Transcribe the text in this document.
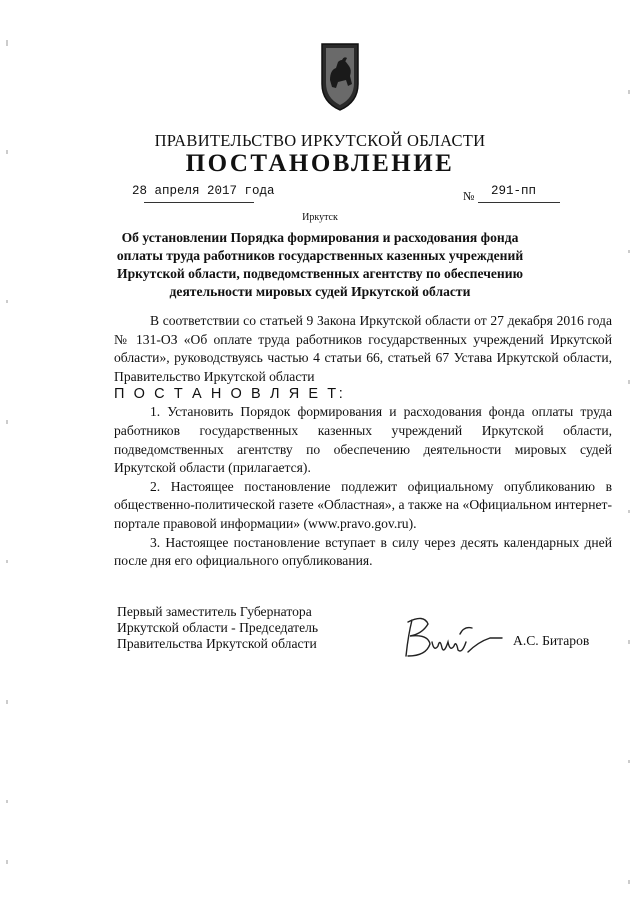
ПРАВИТЕЛЬСТВО ИРКУТСКОЙ ОБЛАСТИ
ПОСТАНОВЛЕНИЕ
28 апреля 2017 года	№ 291-пп
Иркутск
Об установлении Порядка формирования и расходования фонда оплаты труда работников государственных казенных учреждений Иркутской области, подведомственных агентству по обеспечению деятельности мировых судей Иркутской области

В соответствии со статьей 9 Закона Иркутской области от 27 декабря 2016 года № 131-ОЗ «Об оплате труда работников государственных учреждений Иркутской области», руководствуясь частью 4 статьи 66, статьей 67 Устава Иркутской области, Правительство Иркутской области

П О С Т А Н О В Л Я Е Т:

1. Установить Порядок формирования и расходования фонда оплаты труда работников государственных казенных учреждений Иркутской области, подведомственных агентству по обеспечению деятельности мировых судей Иркутской области (прилагается).

2. Настоящее постановление подлежит официальному опубликованию в общественно-политической газете «Областная», а также на «Официальном интернет-портале правовой информации» (www.pravo.gov.ru).

3. Настоящее постановление вступает в силу через десять календарных дней после дня его официального опубликования.

Первый заместитель Губернатора
Иркутской области - Председатель
Правительства Иркутской области	А.С. Битаров
